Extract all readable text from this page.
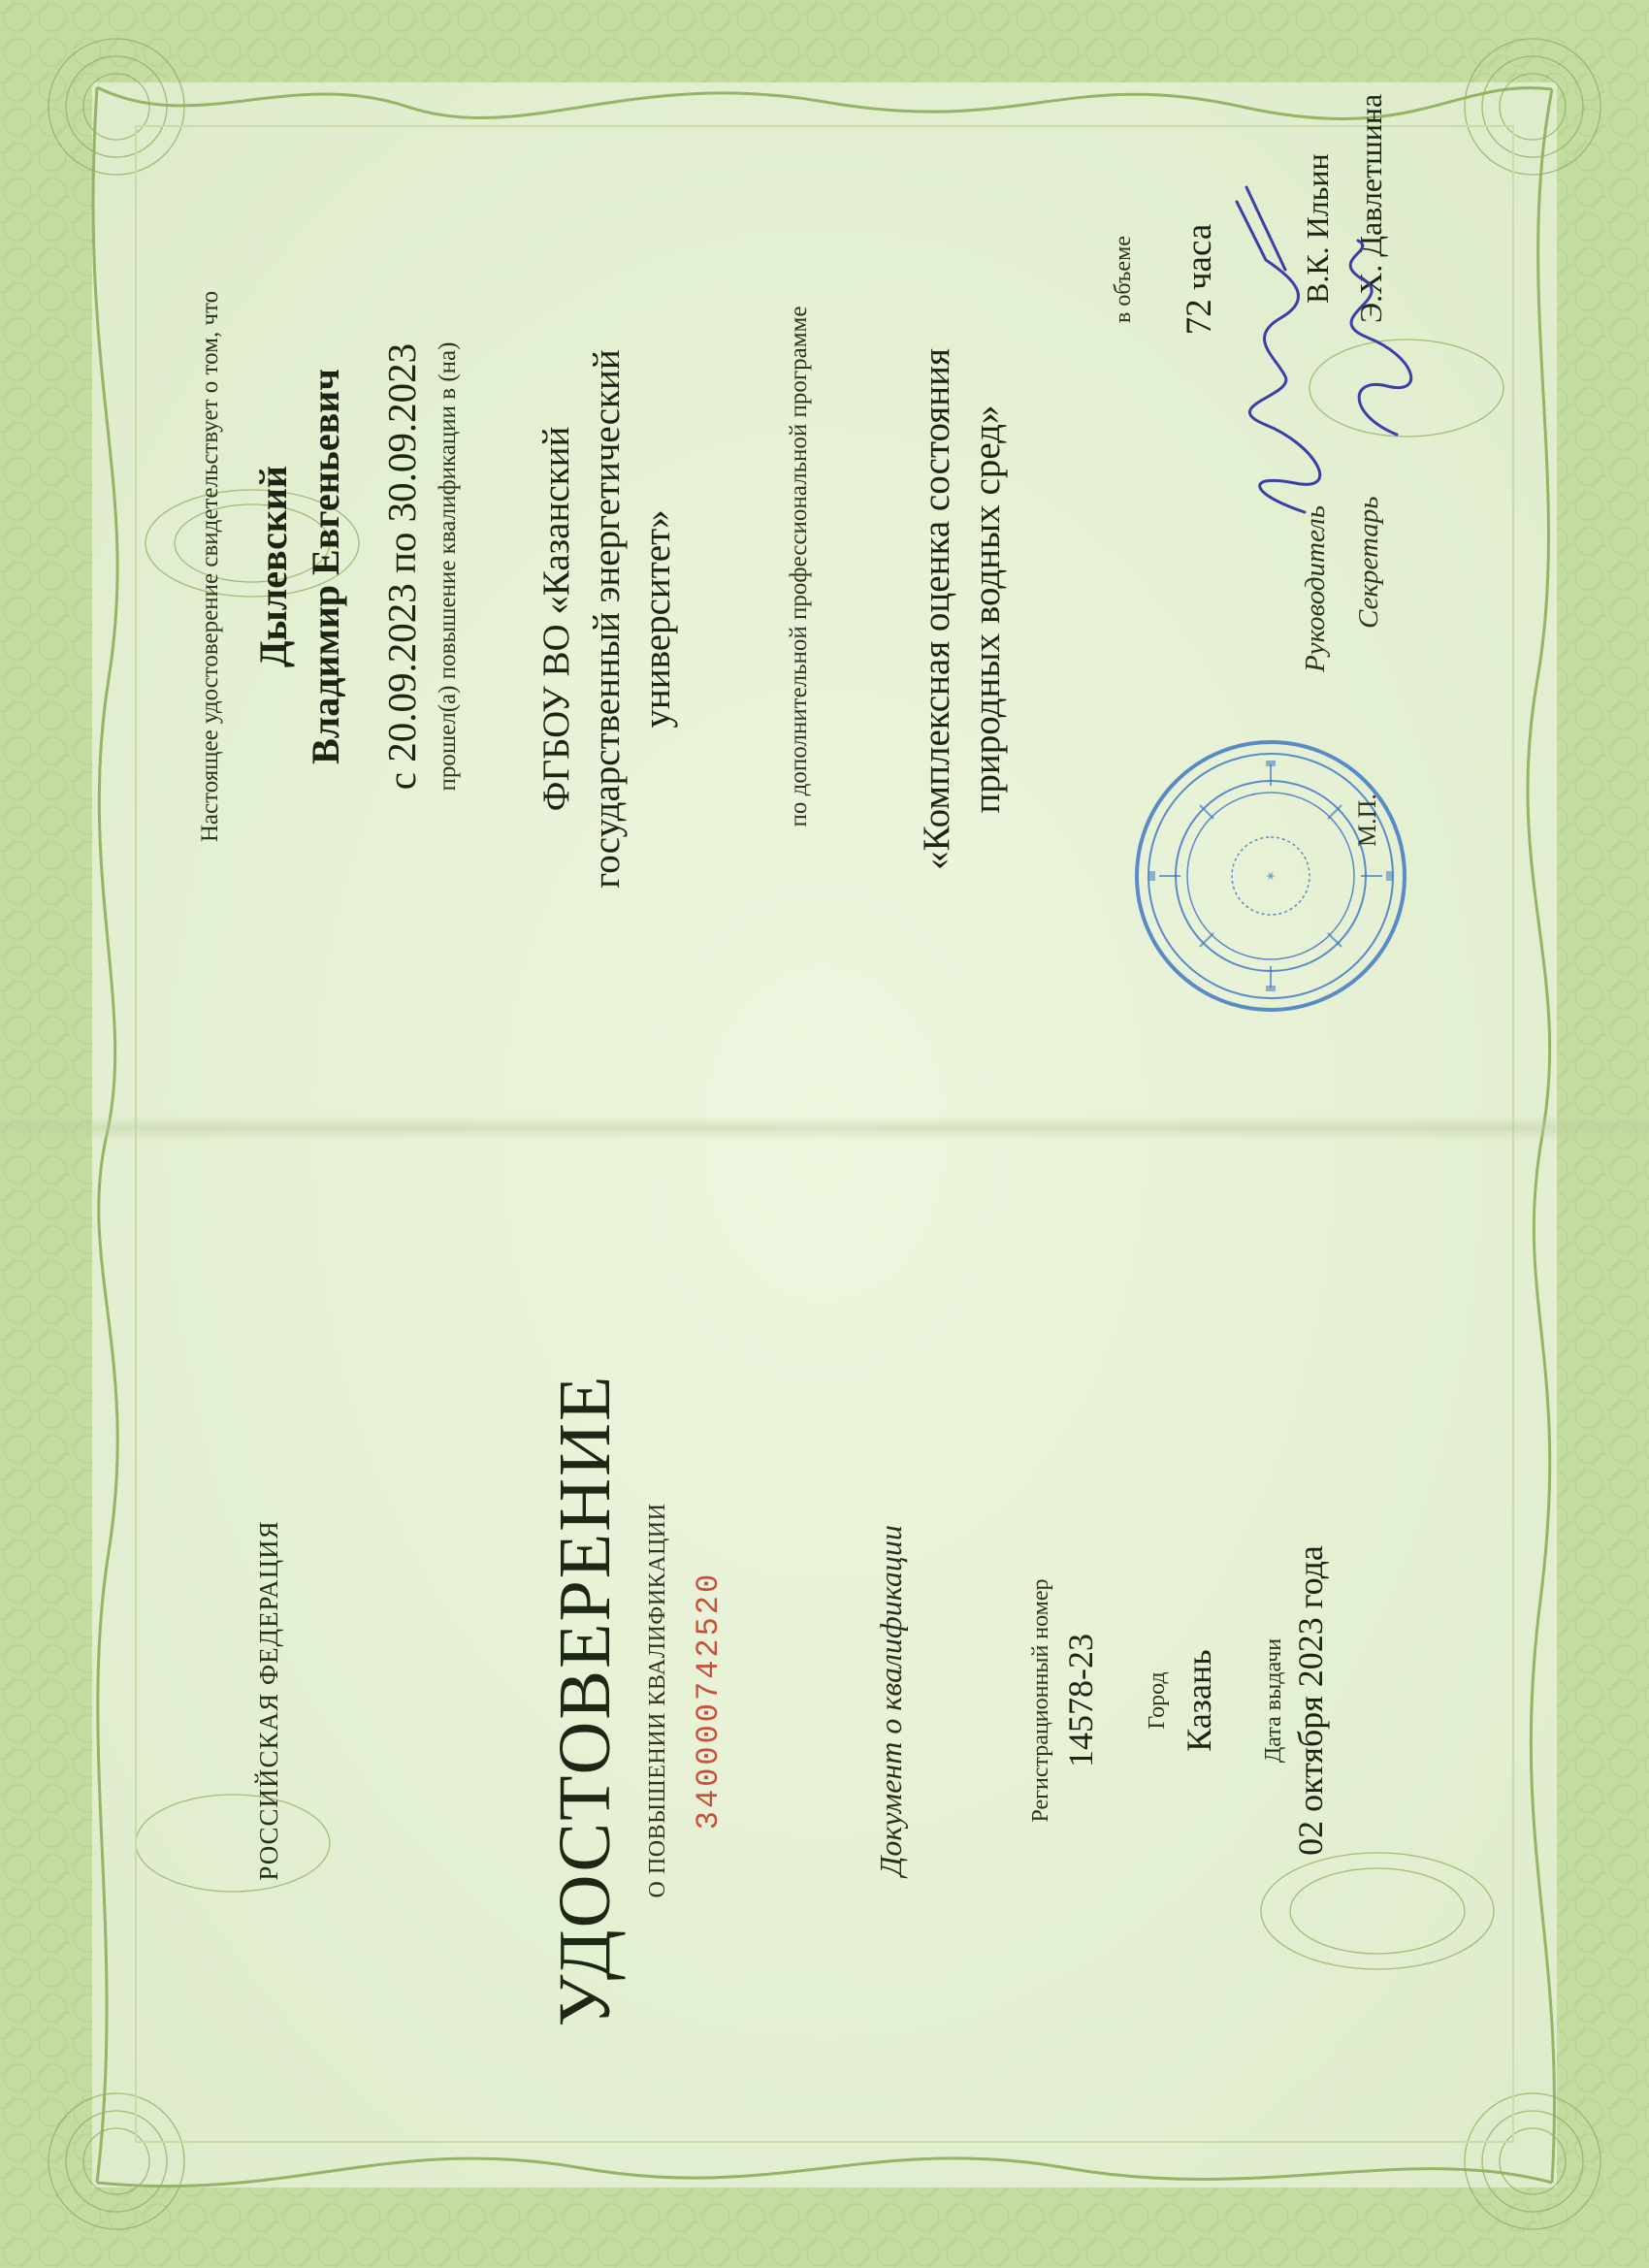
РОССИЙСКАЯ ФЕДЕРАЦИЯ	УДОСТОВЕРЕНИЕ О ПОВЫШЕНИИ КВАЛИФИКАЦИИ 340000742520	Документ о квалификации	Регистрационный номер 14578-23 Город Казань Дата выдачи 02 октября 2023 года
Настоящее удостоверение свидетельствует о том, что Дылевский Владимир Евгеньевич с 20.09.2023 по 30.09.2023 прошел(а) повышение квалификации в (на) ФГБОУ ВО «Казанский государственный энергетический университет»	по дополнительной профессиональной программе	«Комплексная оценка состояния природных водных сред»
в объеме 72 часа
✶
М.П.
Руководитель
В.К. Ильин
Секретарь
Э.Х. Давлетшина
